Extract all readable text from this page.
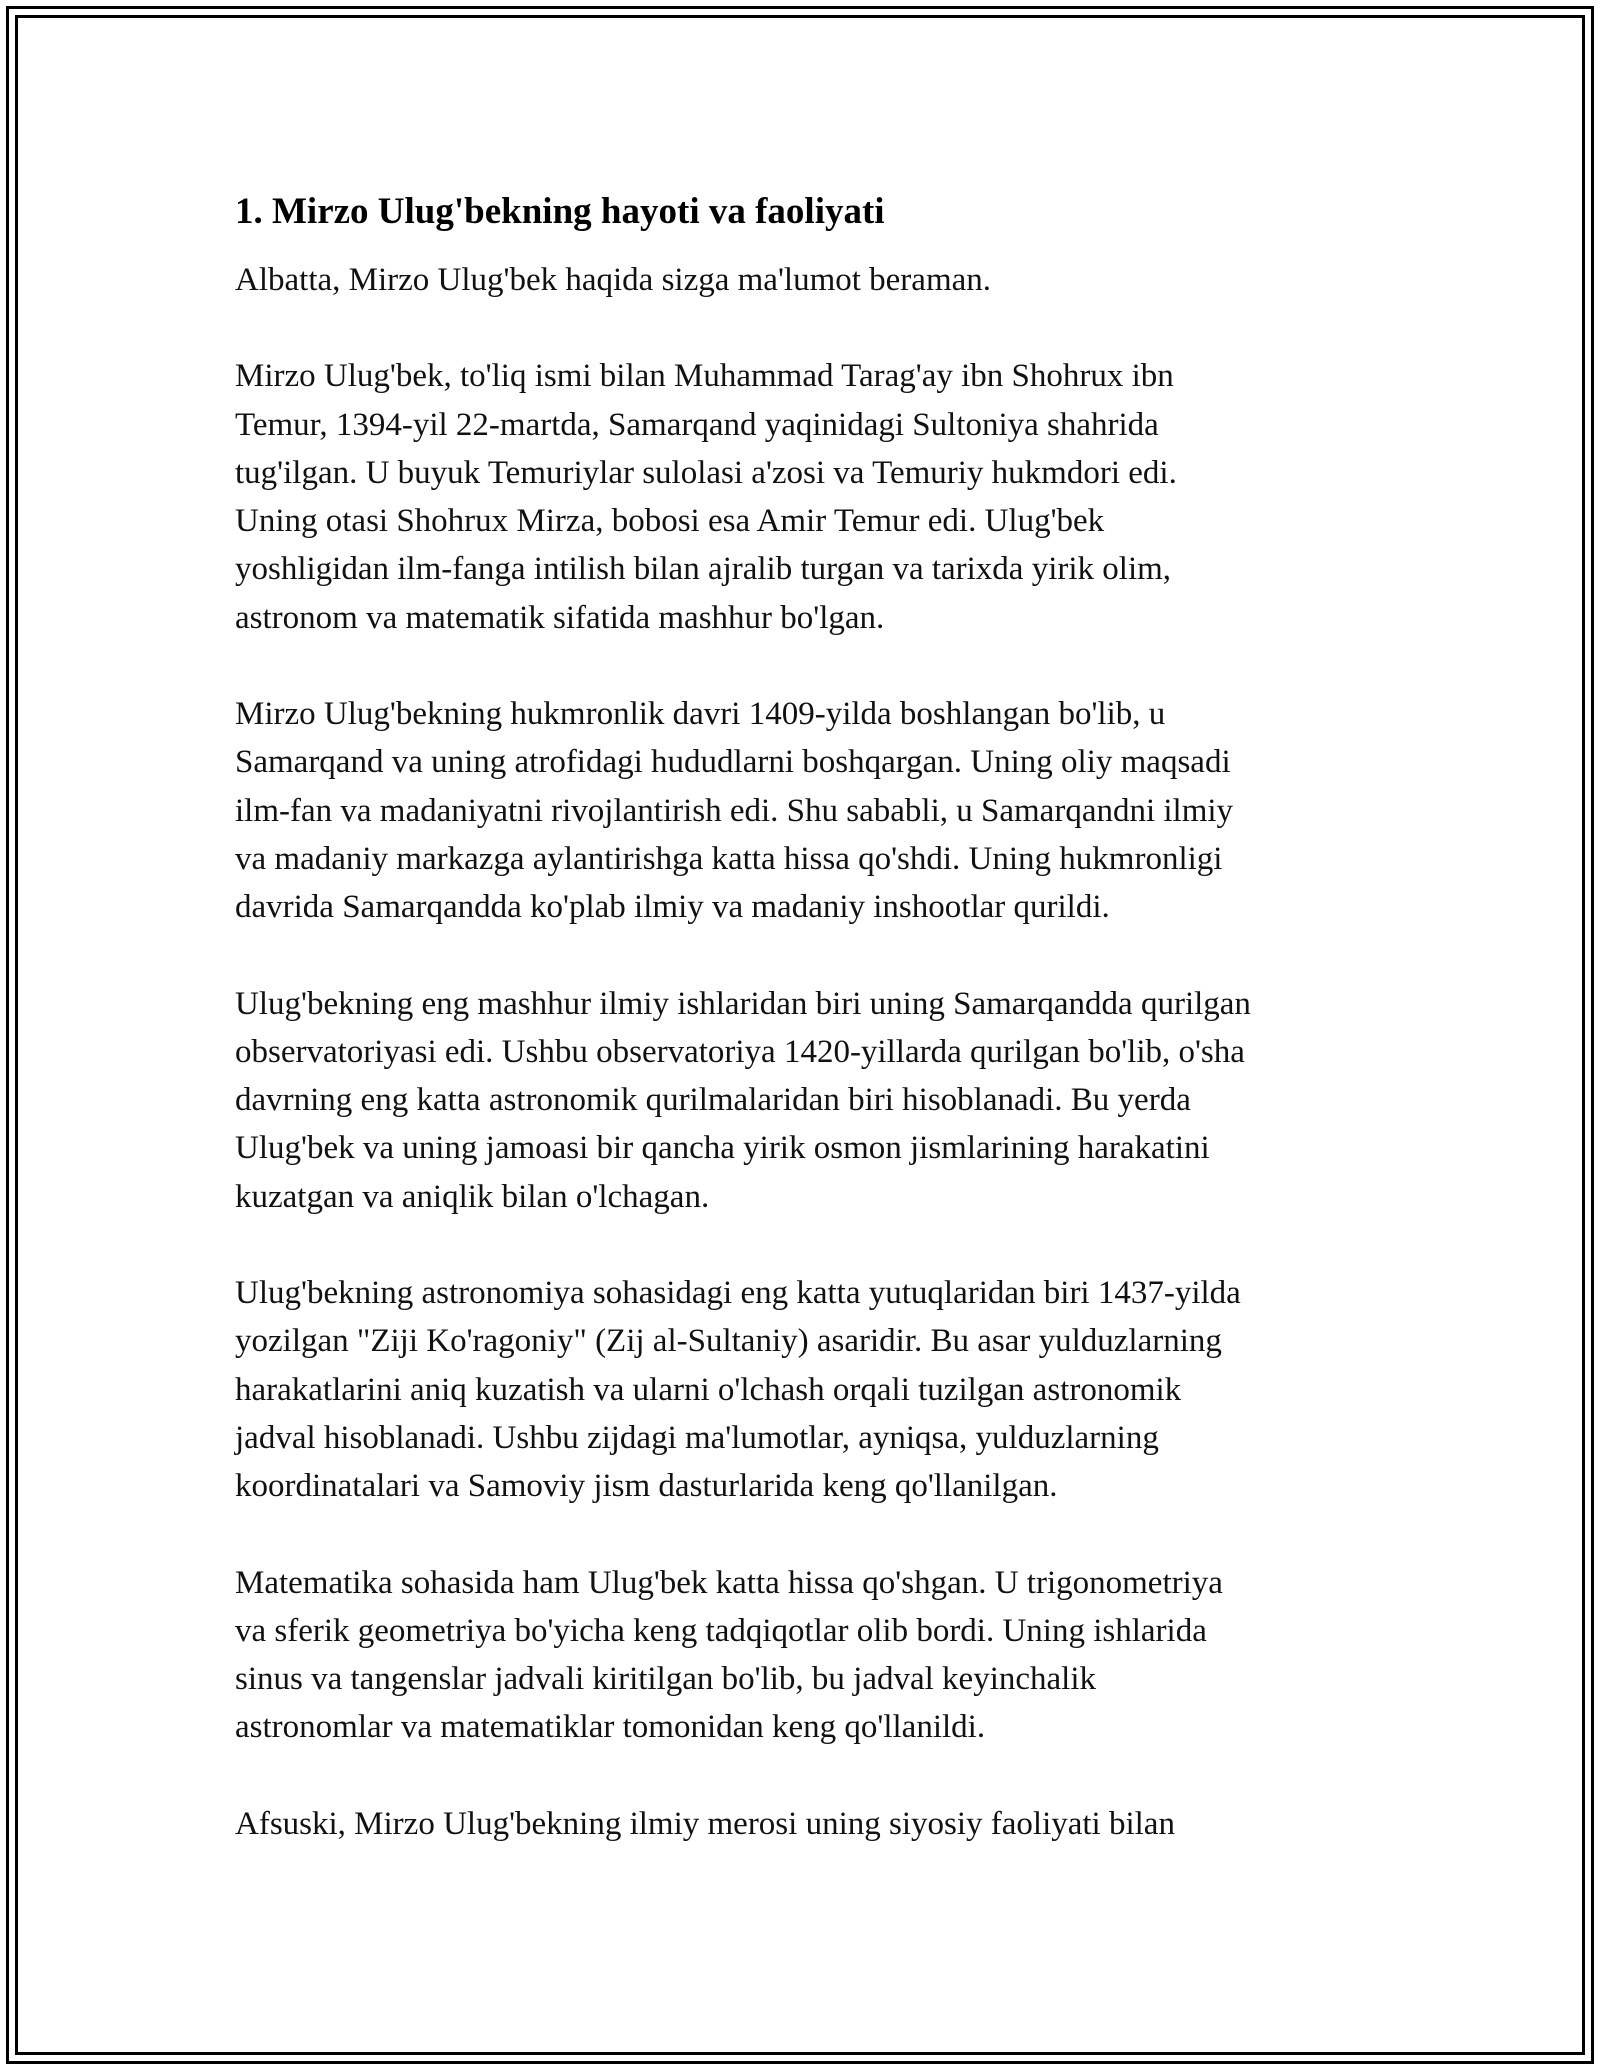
1. Mirzo Ulug'bekning hayoti va faoliyati

Albatta, Mirzo Ulug'bek haqida sizga ma'lumot beraman.

Mirzo Ulug'bek, to'liq ismi bilan Muhammad Tarag'ay ibn Shohrux ibn
Temur, 1394-yil 22-martda, Samarqand yaqinidagi Sultoniya shahrida
tug'ilgan. U buyuk Temuriylar sulolasi a'zosi va Temuriy hukmdori edi.
Uning otasi Shohrux Mirza, bobosi esa Amir Temur edi. Ulug'bek
yoshligidan ilm-fanga intilish bilan ajralib turgan va tarixda yirik olim,
astronom va matematik sifatida mashhur bo'lgan.

Mirzo Ulug'bekning hukmronlik davri 1409-yilda boshlangan bo'lib, u
Samarqand va uning atrofidagi hududlarni boshqargan. Uning oliy maqsadi
ilm-fan va madaniyatni rivojlantirish edi. Shu sababli, u Samarqandni ilmiy
va madaniy markazga aylantirishga katta hissa qo'shdi. Uning hukmronligi
davrida Samarqandda ko'plab ilmiy va madaniy inshootlar qurildi.

Ulug'bekning eng mashhur ilmiy ishlaridan biri uning Samarqandda qurilgan
observatoriyasi edi. Ushbu observatoriya 1420-yillarda qurilgan bo'lib, o'sha
davrning eng katta astronomik qurilmalaridan biri hisoblanadi. Bu yerda
Ulug'bek va uning jamoasi bir qancha yirik osmon jismlarining harakatini
kuzatgan va aniqlik bilan o'lchagan.

Ulug'bekning astronomiya sohasidagi eng katta yutuqlaridan biri 1437-yilda
yozilgan "Ziji Ko'ragoniy" (Zij al-Sultaniy) asaridir. Bu asar yulduzlarning
harakatlarini aniq kuzatish va ularni o'lchash orqali tuzilgan astronomik
jadval hisoblanadi. Ushbu zijdagi ma'lumotlar, ayniqsa, yulduzlarning
koordinatalari va Samoviy jism dasturlarida keng qo'llanilgan.

Matematika sohasida ham Ulug'bek katta hissa qo'shgan. U trigonometriya
va sferik geometriya bo'yicha keng tadqiqotlar olib bordi. Uning ishlarida
sinus va tangenslar jadvali kiritilgan bo'lib, bu jadval keyinchalik
astronomlar va matematiklar tomonidan keng qo'llanildi.

Afsuski, Mirzo Ulug'bekning ilmiy merosi uning siyosiy faoliyati bilan
